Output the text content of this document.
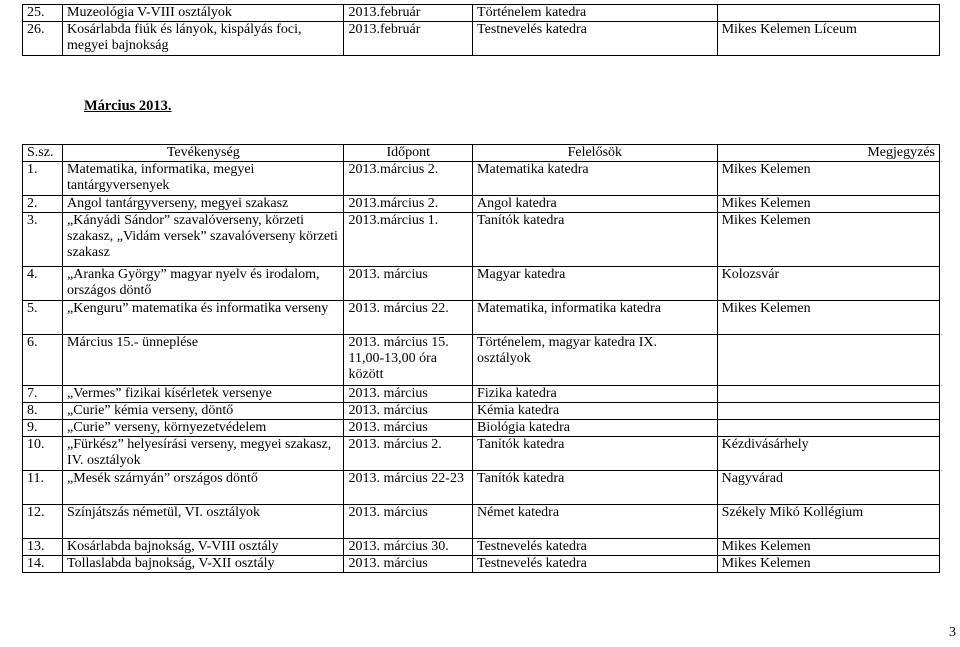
25.	Muzeológia V-VIII osztályok	2013.február	Történelem katedra	
26.	Kosárlabda fiúk és lányok, kispályás foci, megyei bajnokság	2013.február	Testnevelés katedra	Mikes Kelemen Líceum
Március 2013.
S.sz.	Tevékenység	Időpont	Felelősök	Megjegyzés
1.	Matematika, informatika, megyei tantárgyversenyek	2013.március 2.	Matematika katedra	Mikes Kelemen
2.	Angol tantárgyverseny, megyei szakasz	2013.március 2.	Angol katedra	Mikes Kelemen
3.	„Kányádi Sándor” szavalóverseny, körzeti szakasz, „Vidám versek” szavalóverseny körzeti szakasz	2013.március 1.	Tanítók katedra	Mikes Kelemen
4.	„Aranka György” magyar nyelv és irodalom, országos döntő	2013. március	Magyar katedra	Kolozsvár
5.	„Kenguru” matematika és informatika verseny	2013. március 22.	Matematika, informatika katedra	Mikes Kelemen
6.	Március 15.- ünneplése	2013. március 15. 11,00-13,00 óra között	Történelem, magyar katedra IX. osztályok	
7.	„Vermes” fizikai kísérletek versenye	2013. március	Fizika katedra	
8.	„Curie” kémia verseny, döntő	2013. március	Kémia katedra	
9.	„Curie” verseny, környezetvédelem	2013. március	Biológia katedra	
10.	„Fürkész” helyesírási verseny, megyei szakasz, IV. osztályok	2013. március 2.	Tanítók katedra	Kézdivásárhely
11.	„Mesék szárnyán” országos döntő	2013. március 22-23	Tanítók katedra	Nagyvárad
12.	Színjátszás németül, VI. osztályok	2013. március	Német katedra	Székely Mikó Kollégium
13.	Kosárlabda bajnokság, V-VIII osztály	2013. március 30.	Testnevelés katedra	Mikes Kelemen
14.	Tollaslabda bajnokság, V-XII osztály	2013. március	Testnevelés katedra	Mikes Kelemen
3
